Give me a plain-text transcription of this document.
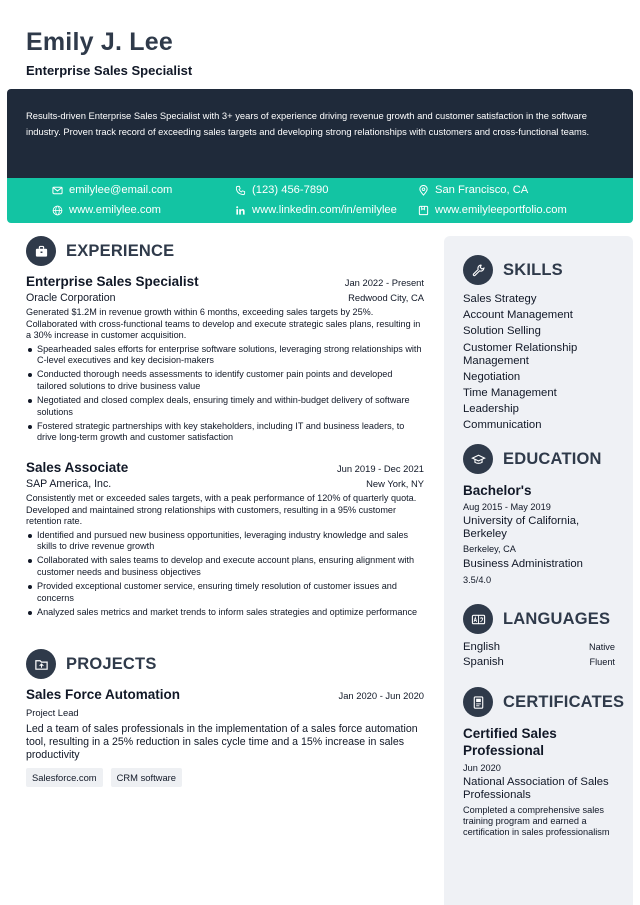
Emily J. Lee
Enterprise Sales Specialist
Results-driven Enterprise Sales Specialist with 3+ years of experience driving revenue growth and customer satisfaction in the software industry. Proven track record of exceeding sales targets and developing strong relationships with customers and cross-functional teams.
emilylee@email.com	(123) 456-7890	San Francisco, CA
www.emilylee.com	www.linkedin.com/in/emilylee	www.emilyleeportfolio.com
EXPERIENCE
Enterprise Sales Specialist	Jan 2022 - Present
Oracle Corporation	Redwood City, CA
Generated $1.2M in revenue growth within 6 months, exceeding sales targets by 25%. Collaborated with cross-functional teams to develop and execute strategic sales plans, resulting in a 30% increase in customer acquisition.
Spearheaded sales efforts for enterprise software solutions, leveraging strong relationships with C-level executives and key decision-makers
Conducted thorough needs assessments to identify customer pain points and developed tailored solutions to drive business value
Negotiated and closed complex deals, ensuring timely and within-budget delivery of software solutions
Fostered strategic partnerships with key stakeholders, including IT and business leaders, to drive long-term growth and customer satisfaction
Sales Associate	Jun 2019 - Dec 2021
SAP America, Inc.	New York, NY
Consistently met or exceeded sales targets, with a peak performance of 120% of quarterly quota. Developed and maintained strong relationships with customers, resulting in a 95% customer retention rate.
Identified and pursued new business opportunities, leveraging industry knowledge and sales skills to drive revenue growth
Collaborated with sales teams to develop and execute account plans, ensuring alignment with customer needs and business objectives
Provided exceptional customer service, ensuring timely resolution of customer issues and concerns
Analyzed sales metrics and market trends to inform sales strategies and optimize performance
PROJECTS
Sales Force Automation	Jan 2020 - Jun 2020
Project Lead
Led a team of sales professionals in the implementation of a sales force automation tool, resulting in a 25% reduction in sales cycle time and a 15% increase in sales productivity
Salesforce.com	CRM software
SKILLS
Sales Strategy
Account Management
Solution Selling
Customer Relationship Management
Negotiation
Time Management
Leadership
Communication
EDUCATION
Bachelor's
Aug 2015 - May 2019
University of California, Berkeley
Berkeley, CA
Business Administration
3.5/4.0
LANGUAGES
English	Native
Spanish	Fluent
CERTIFICATES
Certified Sales Professional
Jun 2020
National Association of Sales Professionals
Completed a comprehensive sales training program and earned a certification in sales professionalism
